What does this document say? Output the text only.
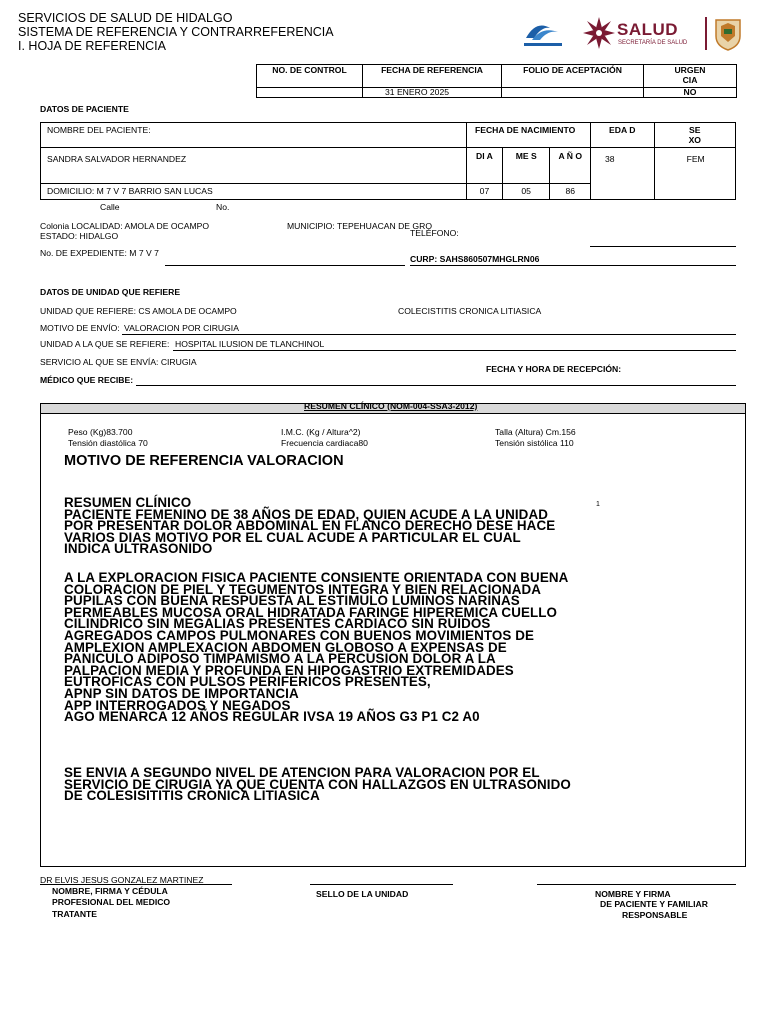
SERVICIOS DE SALUD DE HIDALGO
SISTEMA DE REFERENCIA Y CONTRARREFERENCIA
I. HOJA DE REFERENCIA
SALUD
SECRETARÍA DE SALUD
NO. DE CONTROL	FECHA DE REFERENCIA	FOLIO DE ACEPTACIÓN	URGEN CIA
	31 ENERO 2025		NO
DATOS DE PACIENTE
NOMBRE DEL PACIENTE:	FECHA DE NACIMIENTO			EDA D	SE XO
SANDRA SALVADOR HERNANDEZ	DI A	ME S	A Ñ O	38	FEM
DOMICILIO: M 7 V 7 BARRIO SAN LUCAS	07	05	86		
Calle	No.
Colonia LOCALIDAD: AMOLA DE OCAMPO
ESTADO: HIDALGO
MUNICIPIO: TEPEHUACAN DE GRO
TELÉFONO:
No. DE EXPEDIENTE: M 7 V 7
CURP: SAHS860507MHGLRN06
DATOS DE UNIDAD QUE REFIERE
UNIDAD QUE REFIERE: CS AMOLA DE OCAMPO	COLECISTITIS CRONICA LITIASICA
MOTIVO DE ENVÍO: VALORACION POR CIRUGIA
UNIDAD A LA QUE SE REFIERE: HOSPITAL ILUSION DE TLANCHINOL
SERVICIO AL QUE SE ENVÍA: CIRUGIA
FECHA Y HORA DE RECEPCIÓN:
MÉDICO QUE RECIBE:
RESUMEN CLÍNICO (NOM-004-SSA3-2012)
Peso (Kg)83.700
Tensión diastólica 70
I.M.C. (Kg / Altura^2)
Frecuencia cardiaca80
Talla (Altura) Cm.156
Tensión sistólica 110
MOTIVO DE REFERENCIA VALORACION
1
RESUMEN CLÍNICO
PACIENTE FEMENINO DE 38 AÑOS DE EDAD, QUIEN ACUDE A LA UNIDAD
POR PRESENTAR DOLOR ABDOMINAL EN FLANCO DERECHO DESE HACE
VARIOS DIAS MOTIVO POR EL CUAL ACUDE A PARTICULAR EL CUAL
INDICA ULTRASONIDO
A LA EXPLORACION FISICA PACIENTE CONSIENTE ORIENTADA CON BUENA
COLORACION DE PIEL Y TEGUMENTOS INTEGRA Y BIEN RELACIONADA
PUPILAS CON BUENA RESPUESTA AL ESTIMULO LUMINOS NARINAS
PERMEABLES MUCOSA ORAL HIDRATADA FARINGE HIPEREMICA CUELLO
CILINDRICO SIN MEGALIAS PRESENTES CARDIACO SIN RUIDOS
AGREGADOS CAMPOS PULMONARES CON BUENOS MOVIMIENTOS DE
AMPLEXION AMPLEXACION ABDOMEN GLOBOSO A EXPENSAS DE
PANICULO ADIPOSO TIMPAMISMO A LA PERCUSION DOLOR A LA
PALPACION MEDIA Y PROFUNDA EN HIPOGASTRIO EXTREMIDADES
EUTROFICAS CON PULSOS PERIFERICOS PRESENTES,
APNP SIN DATOS DE IMPORTANCIA
APP INTERROGADOS Y NEGADOS
AGO MENARCA 12 AÑOS REGULAR IVSA 19 AÑOS G3 P1 C2 A0
SE ENVIA A SEGUNDO NIVEL DE ATENCION PARA VALORACION POR EL
SERVICIO DE CIRUGIA YA QUE CUENTA CON HALLAZGOS EN ULTRASONIDO
DE COLESISITITIS CRONICA LITIASICA
DR ELVIS JESUS GONZALEZ MARTINEZ
NOMBRE, FIRMA Y CÉDULA
PROFESIONAL DEL MEDICO
TRATANTE
SELLO DE LA UNIDAD	NOMBRE Y FIRMA
DE PACIENTE Y FAMILIAR
RESPONSABLE
